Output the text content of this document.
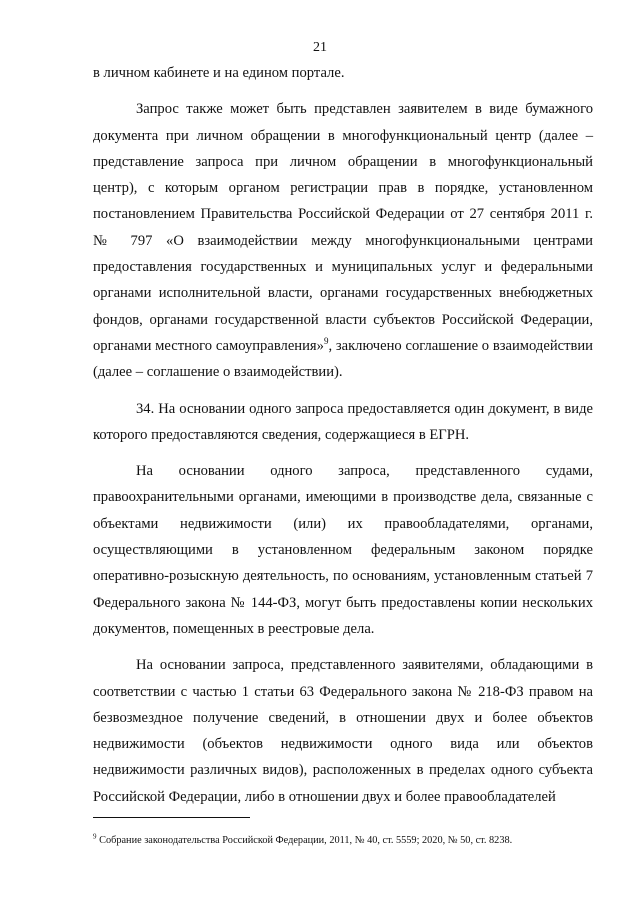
21

в личном кабинете и на едином портале.

Запрос также может быть представлен заявителем в виде бумажного документа при личном обращении в многофункциональный центр (далее – представление запроса при личном обращении в многофункциональный центр), с которым органом регистрации прав в порядке, установленном постановлением Правительства Российской Федерации от 27 сентября 2011 г. № 797 «О взаимодействии между многофункциональными центрами предоставления государственных и муниципальных услуг и федеральными органами исполнительной власти, органами государственных внебюджетных фондов, органами государственной власти субъектов Российской Федерации, органами местного самоуправления»$^9$, заключено соглашение о взаимодействии (далее – соглашение о взаимодействии).

34. На основании одного запроса предоставляется один документ, в виде которого предоставляются сведения, содержащиеся в ЕГРН.

На основании одного запроса, представленного судами, правоохранительными органами, имеющими в производстве дела, связанные с объектами недвижимости (или) их правообладателями, органами, осуществляющими в установленном федеральным законом порядке оперативно-розыскную деятельность, по основаниям, установленным статьей 7 Федерального закона № 144-ФЗ, могут быть предоставлены копии нескольких документов, помещенных в реестровые дела.

На основании запроса, представленного заявителями, обладающими в соответствии с частью 1 статьи 63 Федерального закона № 218-ФЗ правом на безвозмездное получение сведений, в отношении двух и более объектов недвижимости (объектов недвижимости одного вида или объектов недвижимости различных видов), расположенных в пределах одного субъекта Российской Федерации, либо в отношении двух и более правообладателей

$^9$ Собрание законодательства Российской Федерации, 2011, № 40, ст. 5559; 2020, № 50, ст. 8238.
